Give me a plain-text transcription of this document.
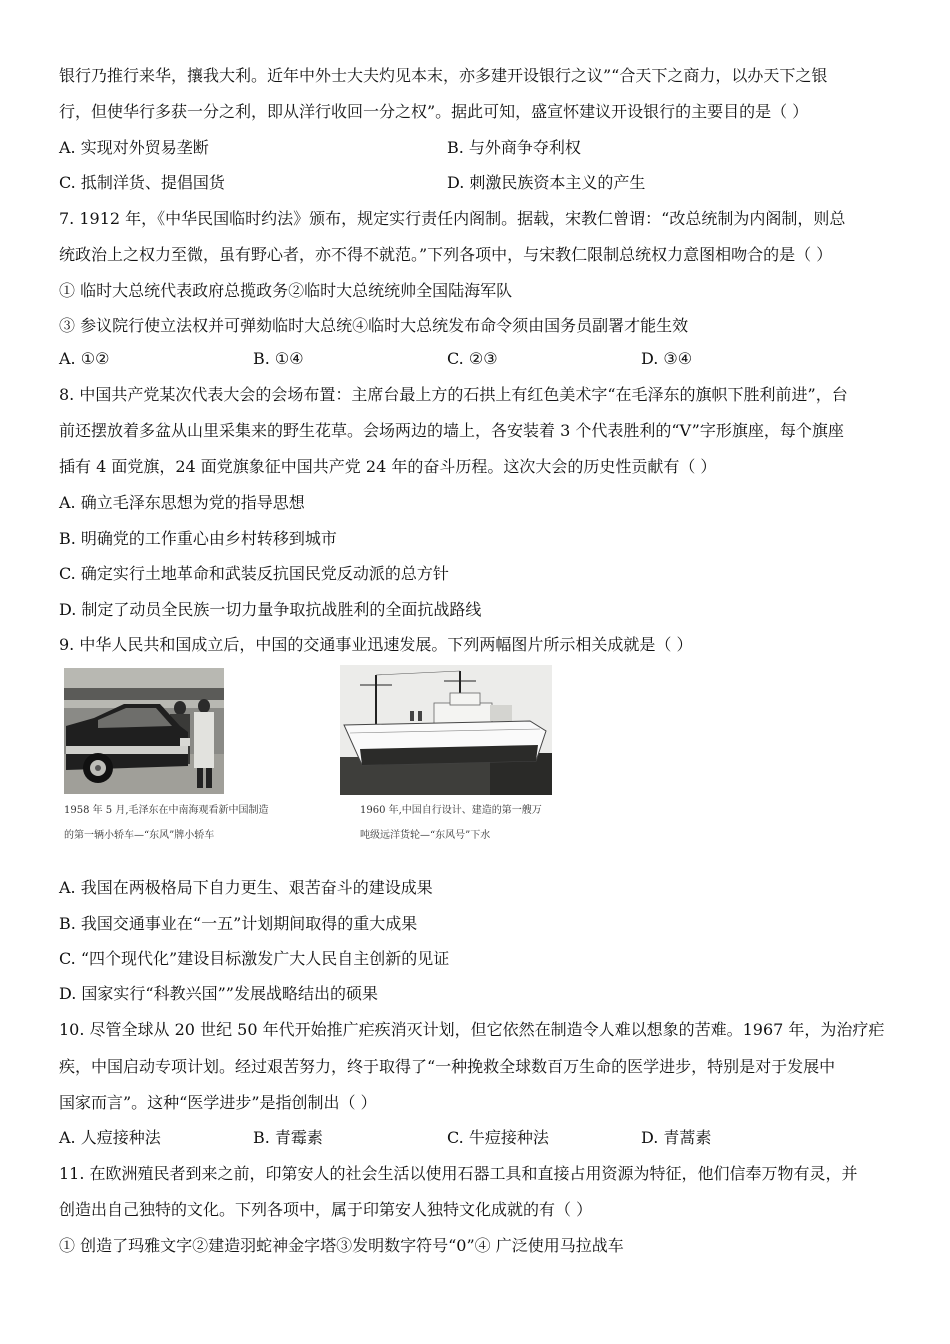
银行乃推行来华，攘我大利。近年中外士大夫灼见本末，亦多建开设银行之议”“合天下之商力，以办天下之银
行，但使华行多获一分之利，即从洋行收回一分之权”。据此可知，盛宣怀建议开设银行的主要目的是（ ）
A. 实现对外贸易垄断	B. 与外商争夺利权
C. 抵制洋货、提倡国货	D. 刺激民族资本主义的产生
7. 1912 年，《中华民国临时约法》颁布，规定实行责任内阁制。据载，宋教仁曾谓：“改总统制为内阁制，则总
统政治上之权力至微，虽有野心者，亦不得不就范。”下列各项中，与宋教仁限制总统权力意图相吻合的是（ ）
① 临时大总统代表政府总揽政务②临时大总统统帅全国陆海军队
③ 参议院行使立法权并可弹劾临时大总统④临时大总统发布命令须由国务员副署才能生效
A. ①②	B. ①④	C. ②③	D. ③④
8. 中国共产党某次代表大会的会场布置：主席台最上方的石拱上有红色美术字“在毛泽东的旗帜下胜利前进”，台
前还摆放着多盆从山里采集来的野生花草。会场两边的墙上，各安装着 3 个代表胜利的“V”字形旗座，每个旗座
插有 4 面党旗，24 面党旗象征中国共产党 24 年的奋斗历程。这次大会的历史性贡献有（ ）
A. 确立毛泽东思想为党的指导思想
B. 明确党的工作重心由乡村转移到城市
C. 确定实行土地革命和武装反抗国民党反动派的总方针
D. 制定了动员全民族一切力量争取抗战胜利的全面抗战路线
9. 中华人民共和国成立后，中国的交通事业迅速发展。下列两幅图片所示相关成就是（ ）
1958 年 5 月,毛泽东在中南海观看新中国制造
的第一辆小轿车—“东风”牌小轿车
1960 年,中国自行设计、建造的第一艘万
吨级远洋货轮—“东风号”下水
A. 我国在两极格局下自力更生、艰苦奋斗的建设成果
B. 我国交通事业在“一五”计划期间取得的重大成果
C. “四个现代化”建设目标激发广大人民自主创新的见证
D. 国家实行“科教兴国””发展战略结出的硕果
10. 尽管全球从 20 世纪 50 年代开始推广疟疾消灭计划，但它依然在制造令人难以想象的苦难。1967 年，为治疗疟
疾，中国启动专项计划。经过艰苦努力，终于取得了“一种挽救全球数百万生命的医学进步，特别是对于发展中
国家而言”。这种“医学进步”是指创制出（ ）
A. 人痘接种法	B. 青霉素	C. 牛痘接种法	D. 青蒿素
11. 在欧洲殖民者到来之前，印第安人的社会生活以使用石器工具和直接占用资源为特征，他们信奉万物有灵，并
创造出自己独特的文化。下列各项中，属于印第安人独特文化成就的有（ ）
① 创造了玛雅文字②建造羽蛇神金字塔③发明数字符号“0”④ 广泛使用马拉战车
